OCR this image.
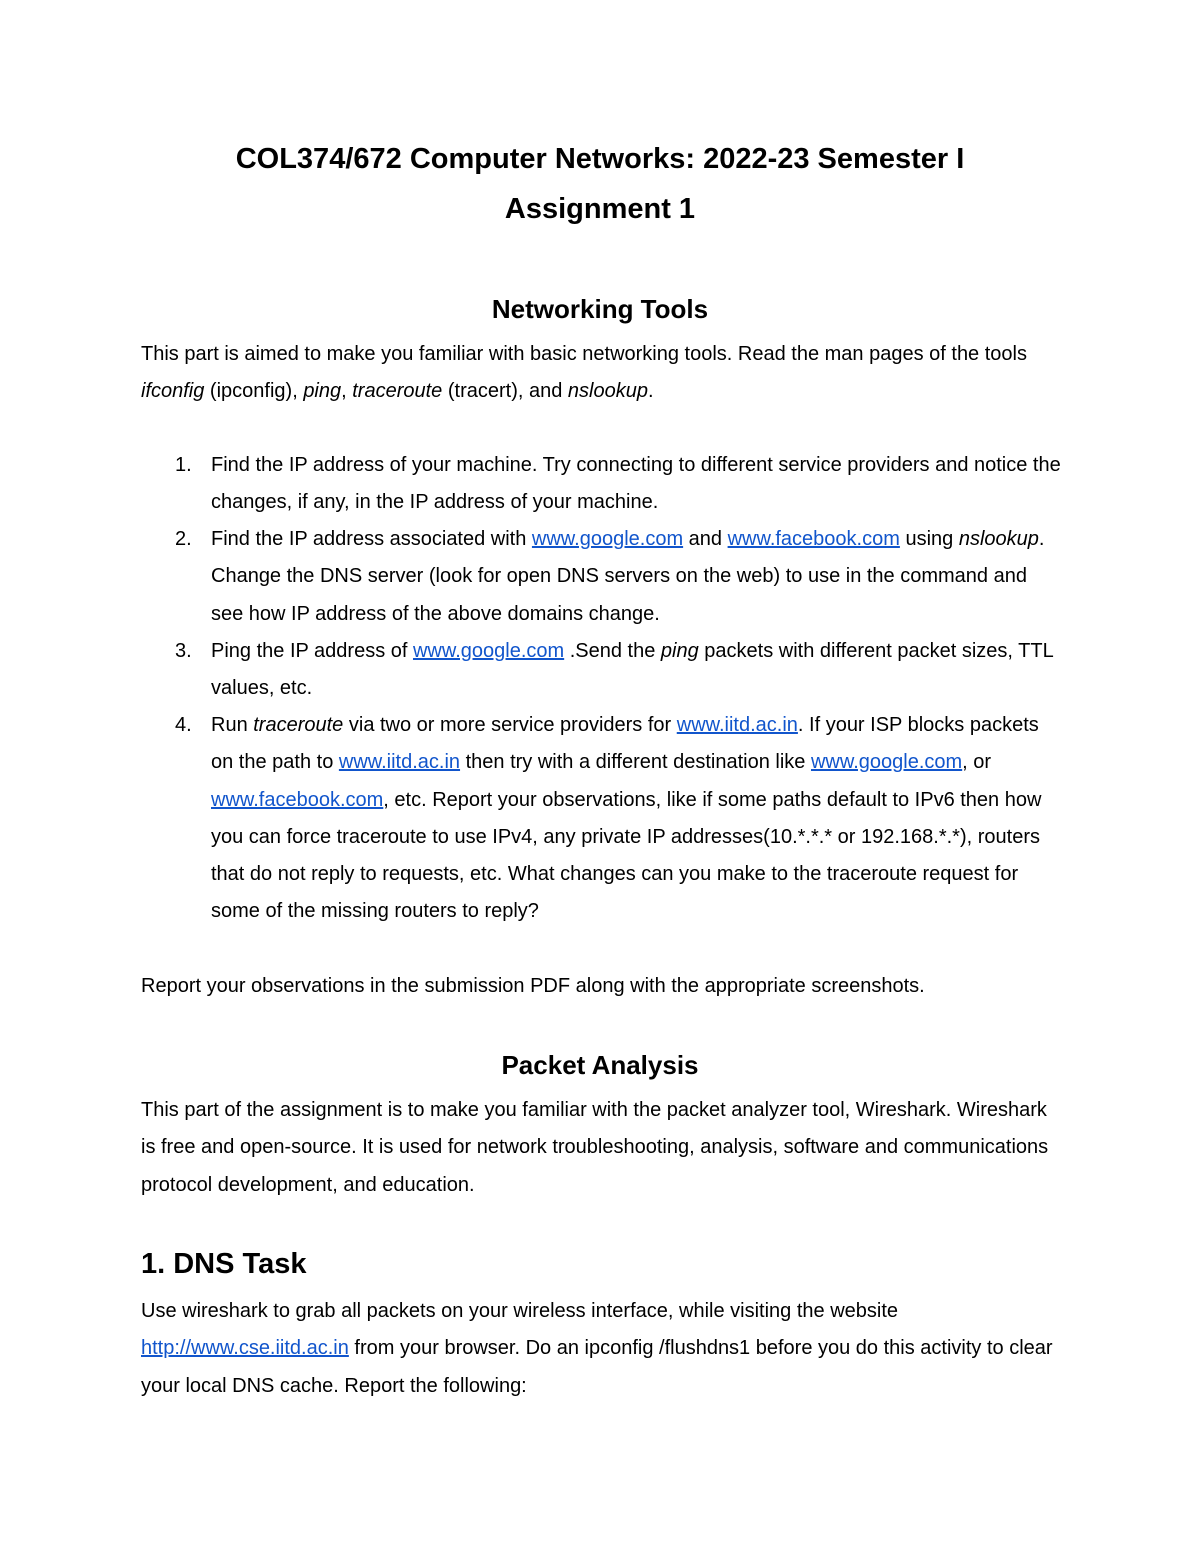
COL374/672 Computer Networks: 2022-23 Semester I
Assignment 1
Networking Tools
This part is aimed to make you familiar with basic networking tools. Read the man pages of the tools ifconfig (ipconfig), ping, traceroute (tracert), and nslookup.
1. Find the IP address of your machine. Try connecting to different service providers and notice the changes, if any, in the IP address of your machine.
2. Find the IP address associated with www.google.com and www.facebook.com using nslookup. Change the DNS server (look for open DNS servers on the web) to use in the command and see how IP address of the above domains change.
3. Ping the IP address of www.google.com .Send the ping packets with different packet sizes, TTL values, etc.
4. Run traceroute via two or more service providers for www.iitd.ac.in. If your ISP blocks packets on the path to www.iitd.ac.in then try with a different destination like www.google.com, or www.facebook.com, etc. Report your observations, like if some paths default to IPv6 then how you can force traceroute to use IPv4, any private IP addresses(10.*.*.* or 192.168.*.*), routers that do not reply to requests, etc. What changes can you make to the traceroute request for some of the missing routers to reply?
Report your observations in the submission PDF along with the appropriate screenshots.
Packet Analysis
This part of the assignment is to make you familiar with the packet analyzer tool, Wireshark. Wireshark is free and open-source. It is used for network troubleshooting, analysis, software and communications protocol development, and education.
1. DNS Task
Use wireshark to grab all packets on your wireless interface, while visiting the website http://www.cse.iitd.ac.in from your browser. Do an ipconfig /flushdns1 before you do this activity to clear your local DNS cache. Report the following:
